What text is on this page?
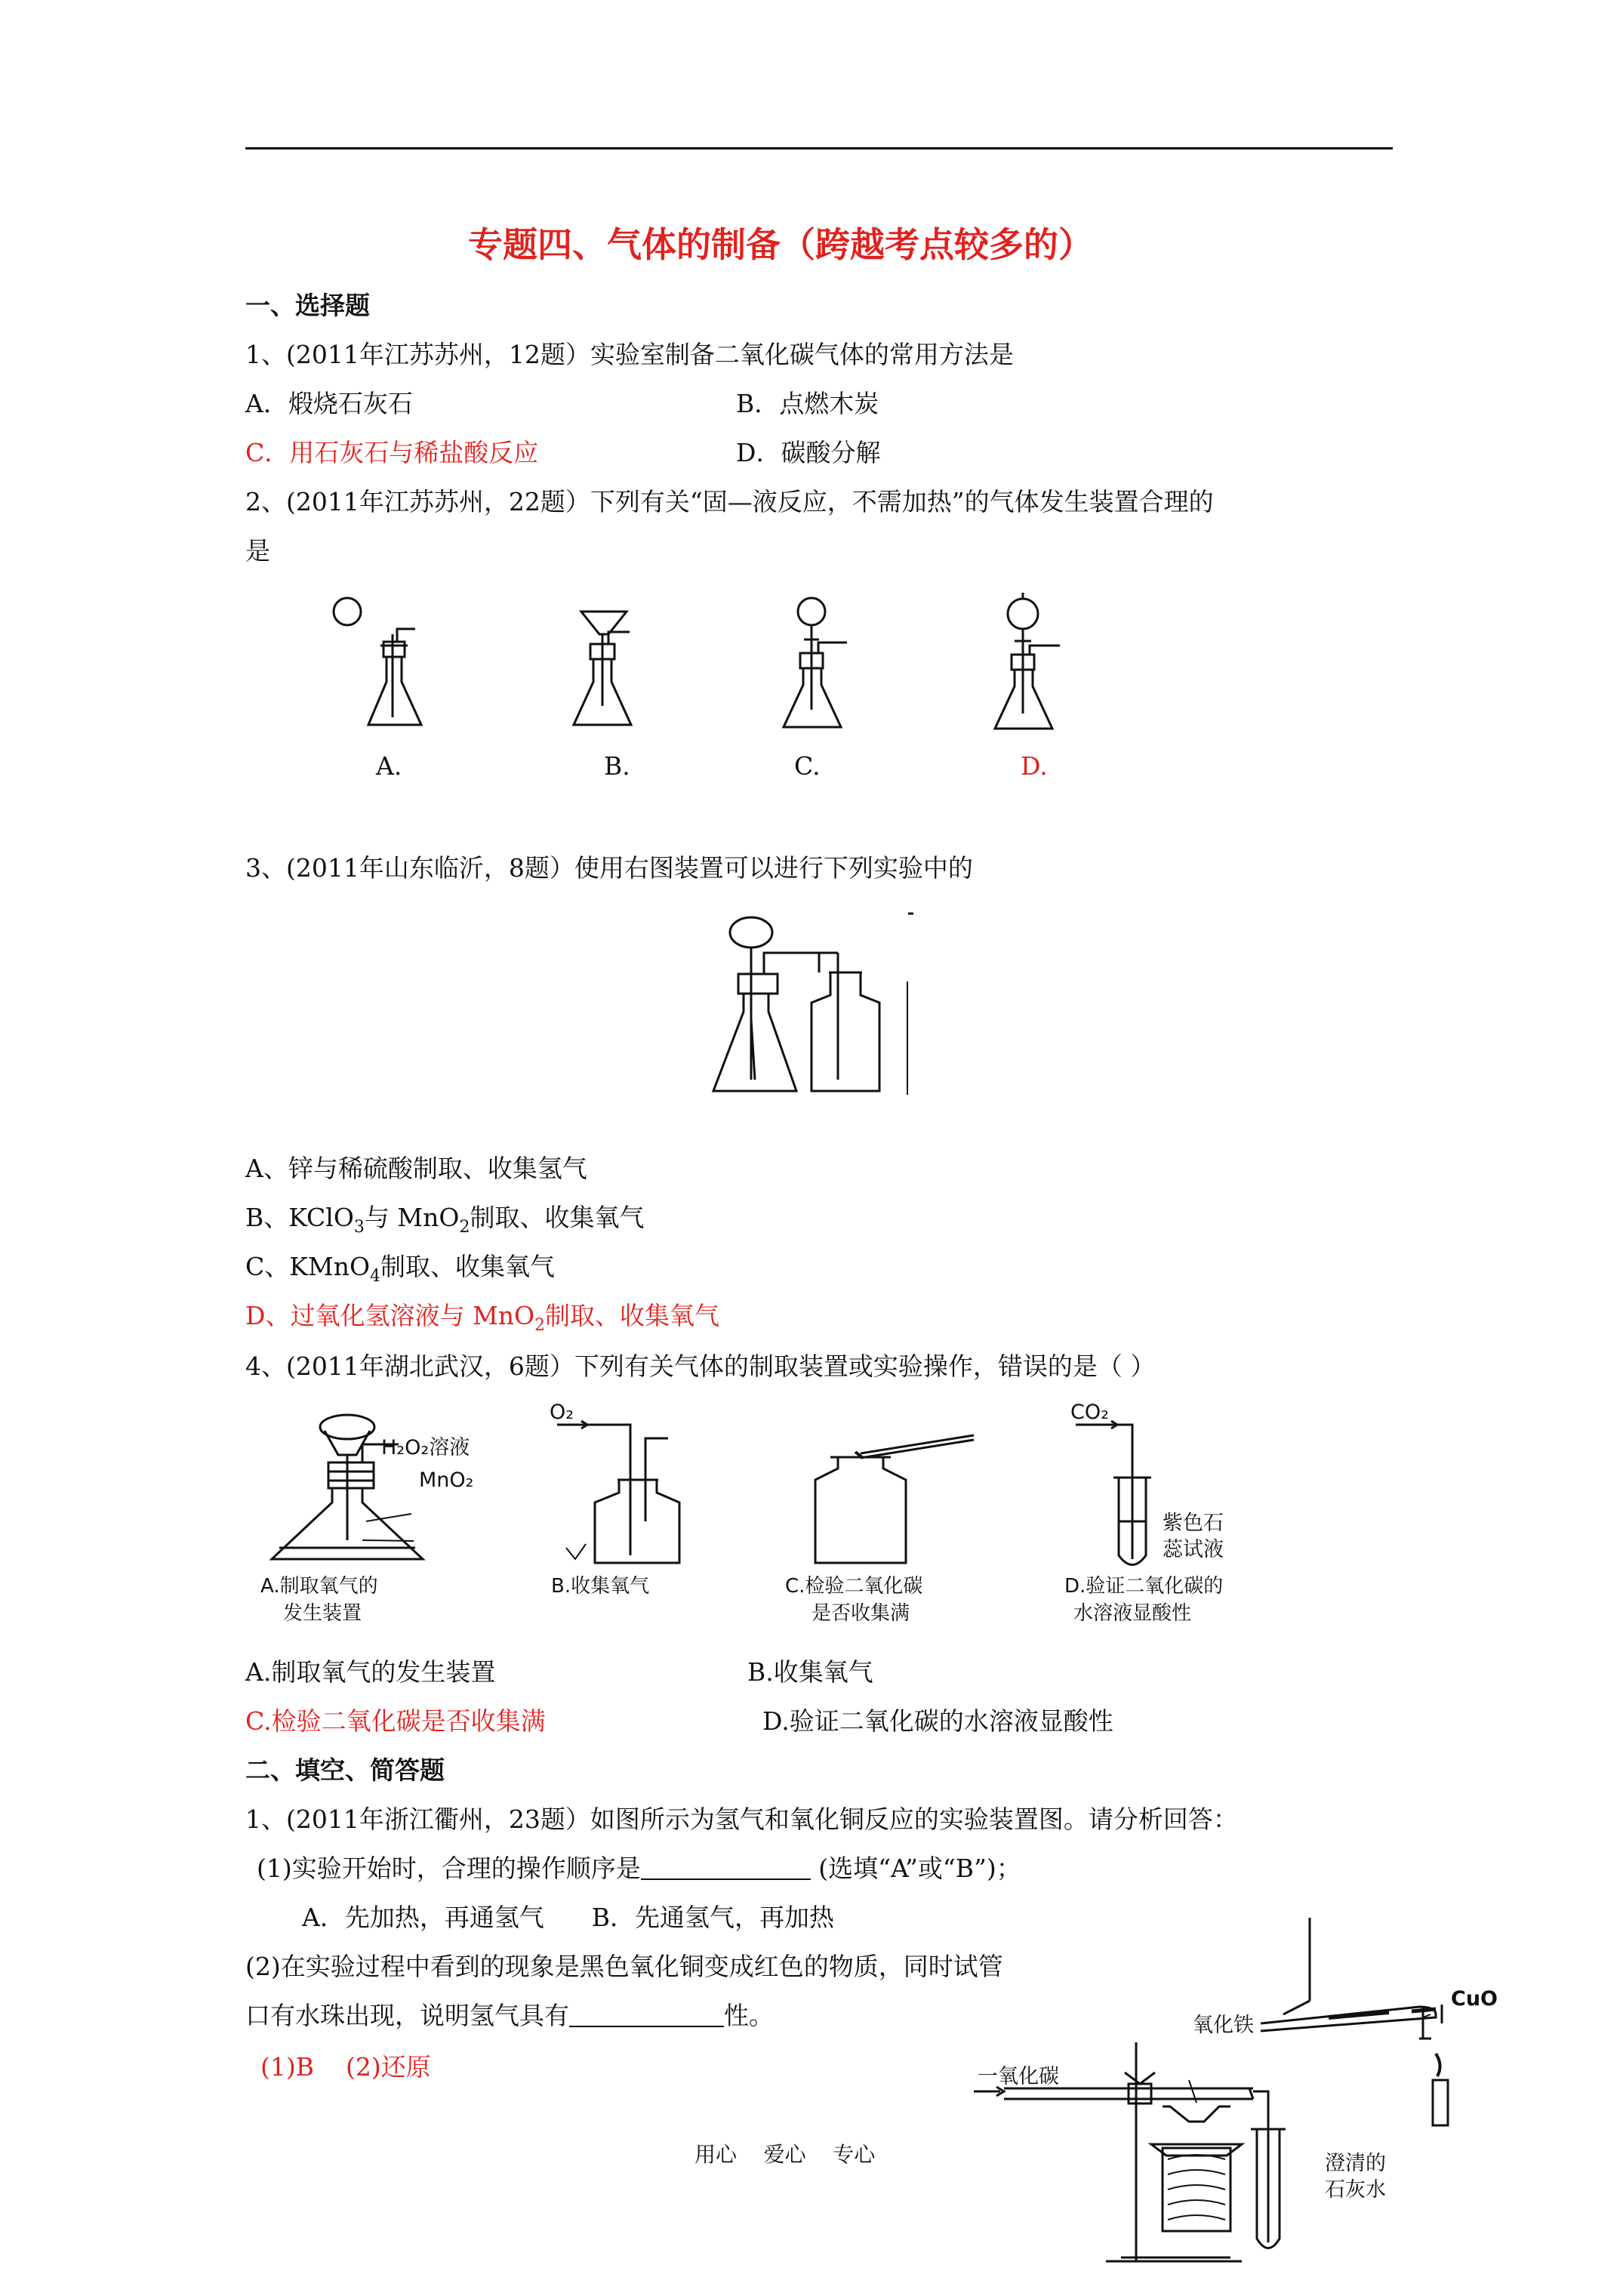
专题四、气体的制备（跨越考点较多的）
一、选择题
1、(2011年江苏苏州，12题）实验室制备二氧化碳气体的常用方法是
A．煅烧石灰石	B．点燃木炭
C．用石灰石与稀盐酸反应	D．碳酸分解
2、(2011年江苏苏州，22题）下列有关“固—液反应，不需加热”的气体发生装置合理的
是
A.	B.	C.	D.
3、(2011年山东临沂，8题）使用右图装置可以进行下列实验中的
A、锌与稀硫酸制取、收集氢气
B、KClO$_3$与 MnO$_2$制取、收集氧气
C、KMnO$_4$制取、收集氧气
D、过氧化氢溶液与 MnO$_2$制取、收集氧气
4、(2011年湖北武汉，6题）下列有关气体的制取装置或实验操作，错误的是（ ）
H₂O₂溶液
MnO₂
O₂	CO₂
紫色石
蕊试液
A.制取氧气的
发生装置
B.收集氧气	C.检验二氧化碳
是否收集满
D.验证二氧化碳的
水溶液显酸性
A.制取氧气的发生装置	B.收集氧气
C.检验二氧化碳是否收集满	D.验证二氧化碳的水溶液显酸性
二、填空、简答题
1、(2011年浙江衢州，23题）如图所示为氢气和氧化铜反应的实验装置图。请分析回答：
(1)实验开始时，合理的操作顺序是	(选填“A”或“B”)；
A．先加热，再通氢气      B．先通氢气，再加热
(2)在实验过程中看到的现象是黑色氧化铜变成红色的物质，同时试管
口有水珠出现，说明氢气具有	性。
(1)B    (2)还原
CuO
一氧化碳
氧化铁
澄清的
石灰水
用心    爱心    专心
